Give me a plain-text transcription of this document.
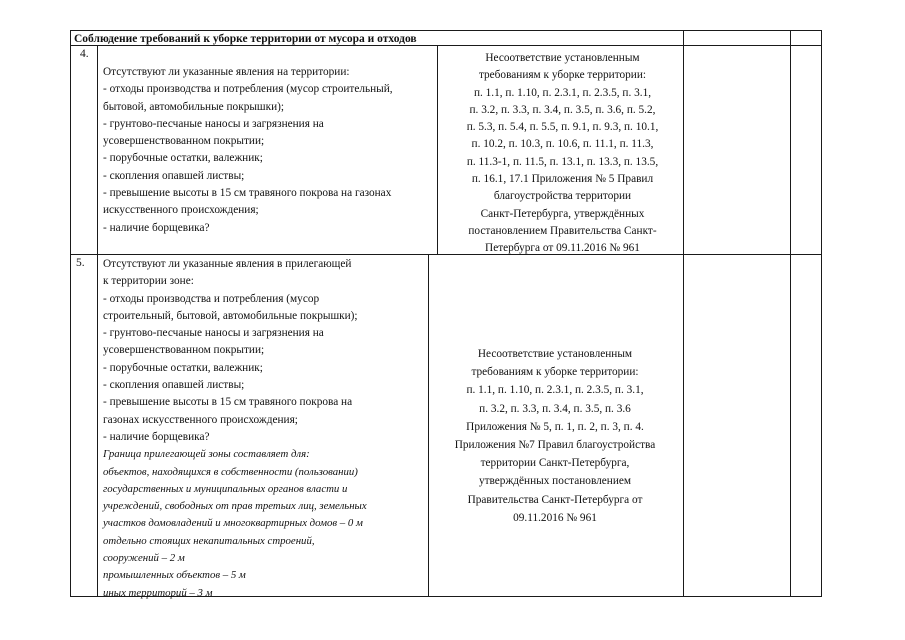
Соблюдение требований к уборке территории от мусора и отходов
4.
Отсутствуют ли указанные явления на территории:
- отходы производства и потребления (мусор строительный,
бытовой, автомобильные покрышки);
- грунтово-песчаные наносы и загрязнения на
усовершенствованном покрытии;
- порубочные остатки, валежник;
- скопления опавшей листвы;
- превышение высоты в 15 см травяного покрова на газонах
искусственного происхождения;
- наличие борщевика?
Несоответствие установленным
требованиям к уборке территории:
п. 1.1, п. 1.10, п. 2.3.1, п. 2.3.5, п. 3.1,
п. 3.2, п. 3.3, п. 3.4, п. 3.5, п. 3.6, п. 5.2,
п. 5.3, п. 5.4, п. 5.5, п. 9.1, п. 9.3, п. 10.1,
п. 10.2, п. 10.3, п. 10.6, п. 11.1, п. 11.3,
п. 11.3-1, п. 11.5, п. 13.1, п. 13.3, п. 13.5,
п. 16.1, 17.1 Приложения № 5 Правил
благоустройства территории
Санкт-Петербурга, утверждённых
постановлением Правительства Санкт-
Петербурга от 09.11.2016 № 961
5. Отсутствуют ли указанные явления в прилегающей
к территории зоне:
- отходы производства и потребления (мусор
строительный, бытовой, автомобильные покрышки);
- грунтово-песчаные наносы и загрязнения на
усовершенствованном покрытии;
- порубочные остатки, валежник;
- скопления опавшей листвы;
- превышение высоты в 15 см травяного покрова на
газонах искусственного происхождения;
- наличие борщевика?
Граница прилегающей зоны составляет для:
объектов, находящихся в собственности (пользовании)
государственных и муниципальных органов власти и
учреждений, свободных от прав третьих лиц, земельных
участков домовладений и многоквартирных домов – 0 м
отдельно стоящих некапитальных строений,
сооружений – 2 м
промышленных объектов – 5 м
иных территорий – 3 м
Несоответствие установленным
требованиям к уборке территории:
п. 1.1, п. 1.10, п. 2.3.1, п. 2.3.5, п. 3.1,
п. 3.2, п. 3.3, п. 3.4, п. 3.5, п. 3.6
Приложения № 5, п. 1, п. 2, п. 3, п. 4.
Приложения №7 Правил благоустройства
территории Санкт-Петербурга,
утверждённых постановлением
Правительства Санкт-Петербурга от
09.11.2016 № 961
